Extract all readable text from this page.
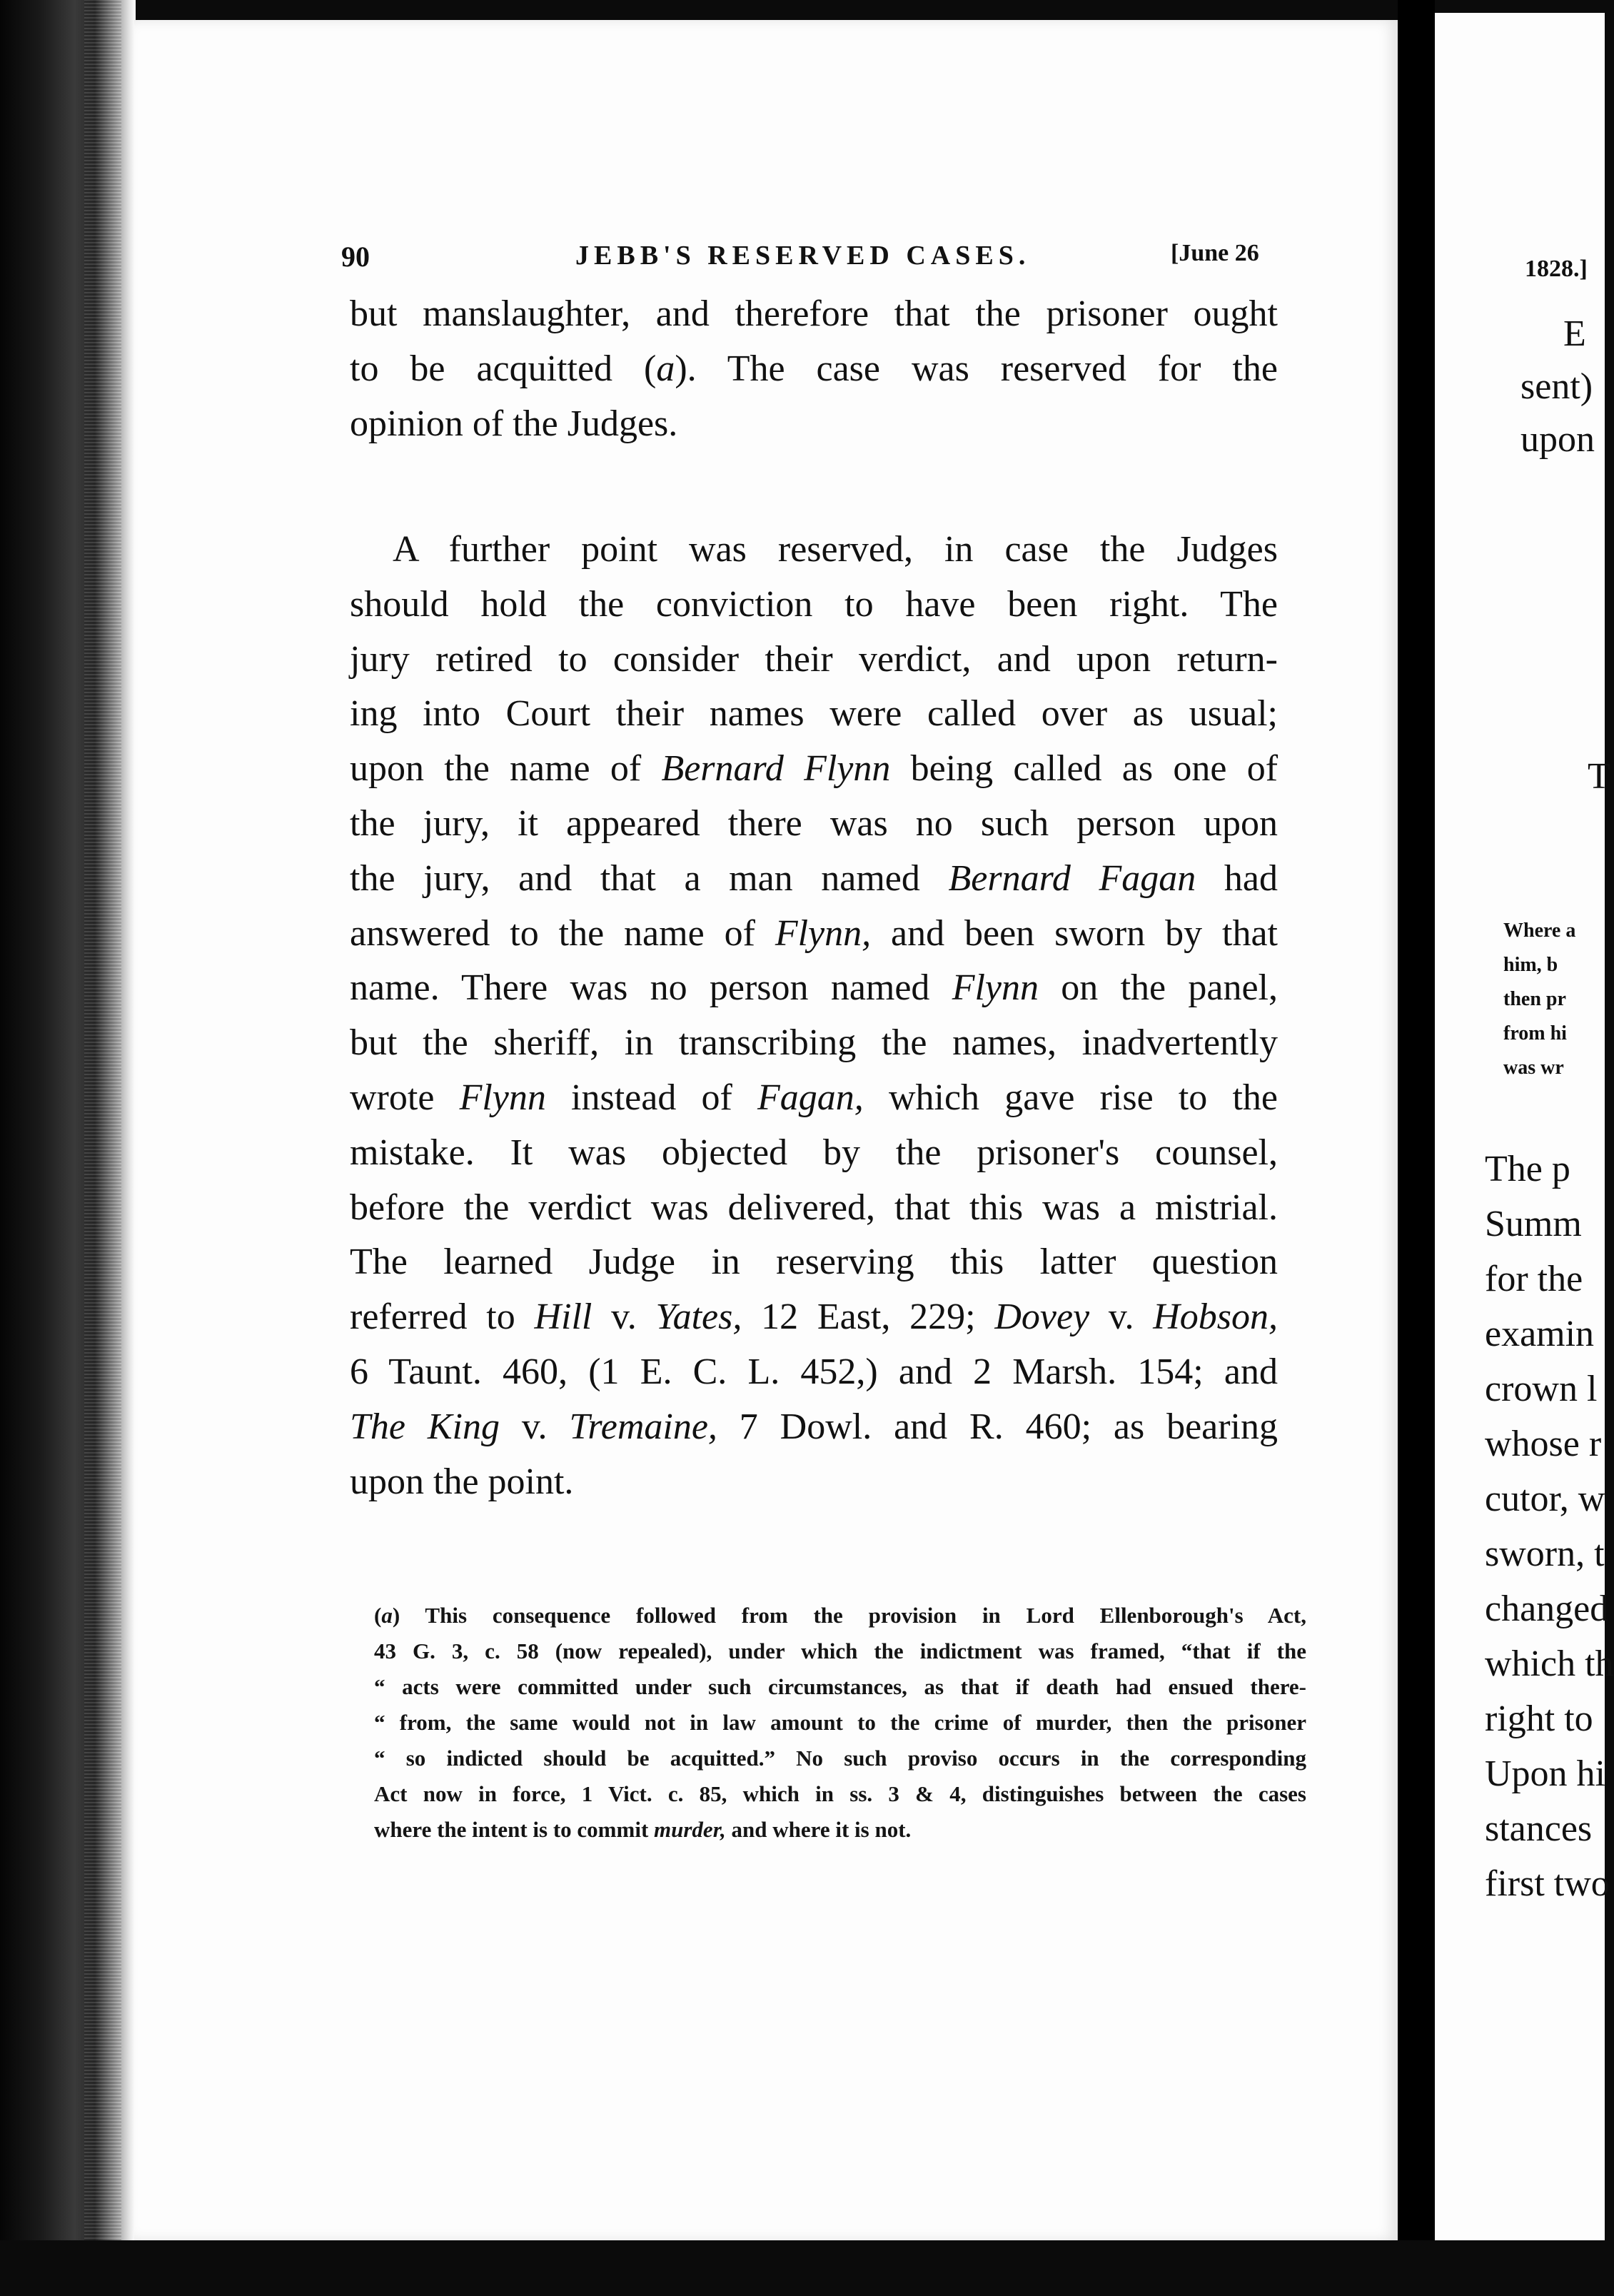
1828.]
E
sent)
upon
T
Where a
him, b
then pr
from hi
was wr
The p
Summ
for the
examin
crown l
whose r
cutor, w
sworn, t
changed
which th
right to
Upon hi
stances
first two
90	JEBB'S RESERVED CASES.	[June 26

but manslaughter, and therefore that the prisoner ought

to be acquitted (a). The case was reserved for the

opinion of the Judges.

A further point was reserved, in case the Judges

should hold the conviction to have been right. The

jury retired to consider their verdict, and upon return-

ing into Court their names were called over as usual;

upon the name of Bernard Flynn being called as one of

the jury, it appeared there was no such person upon

the jury, and that a man named Bernard Fagan had

answered to the name of Flynn, and been sworn by that

name. There was no person named Flynn on the panel,

but the sheriff, in transcribing the names, inadvertently

wrote Flynn instead of Fagan, which gave rise to the

mistake. It was objected by the prisoner's counsel,

before the verdict was delivered, that this was a mistrial.

The learned Judge in reserving this latter question

referred to Hill v. Yates, 12 East, 229; Dovey v. Hobson,

6 Taunt. 460, (1 E. C. L. 452,) and 2 Marsh. 154; and

The King v. Tremaine, 7 Dowl. and R. 460; as bearing

upon the point.

(a) This consequence followed from the provision in Lord Ellenborough's Act,

43 G. 3, c. 58 (now repealed), under which the indictment was framed, “that if the

“ acts were committed under such circumstances, as that if death had ensued there-

“ from, the same would not in law amount to the crime of murder, then the prisoner

“ so indicted should be acquitted.” No such proviso occurs in the corresponding

Act now in force, 1 Vict. c. 85, which in ss. 3 & 4, distinguishes between the cases

where the intent is to commit murder, and where it is not.
